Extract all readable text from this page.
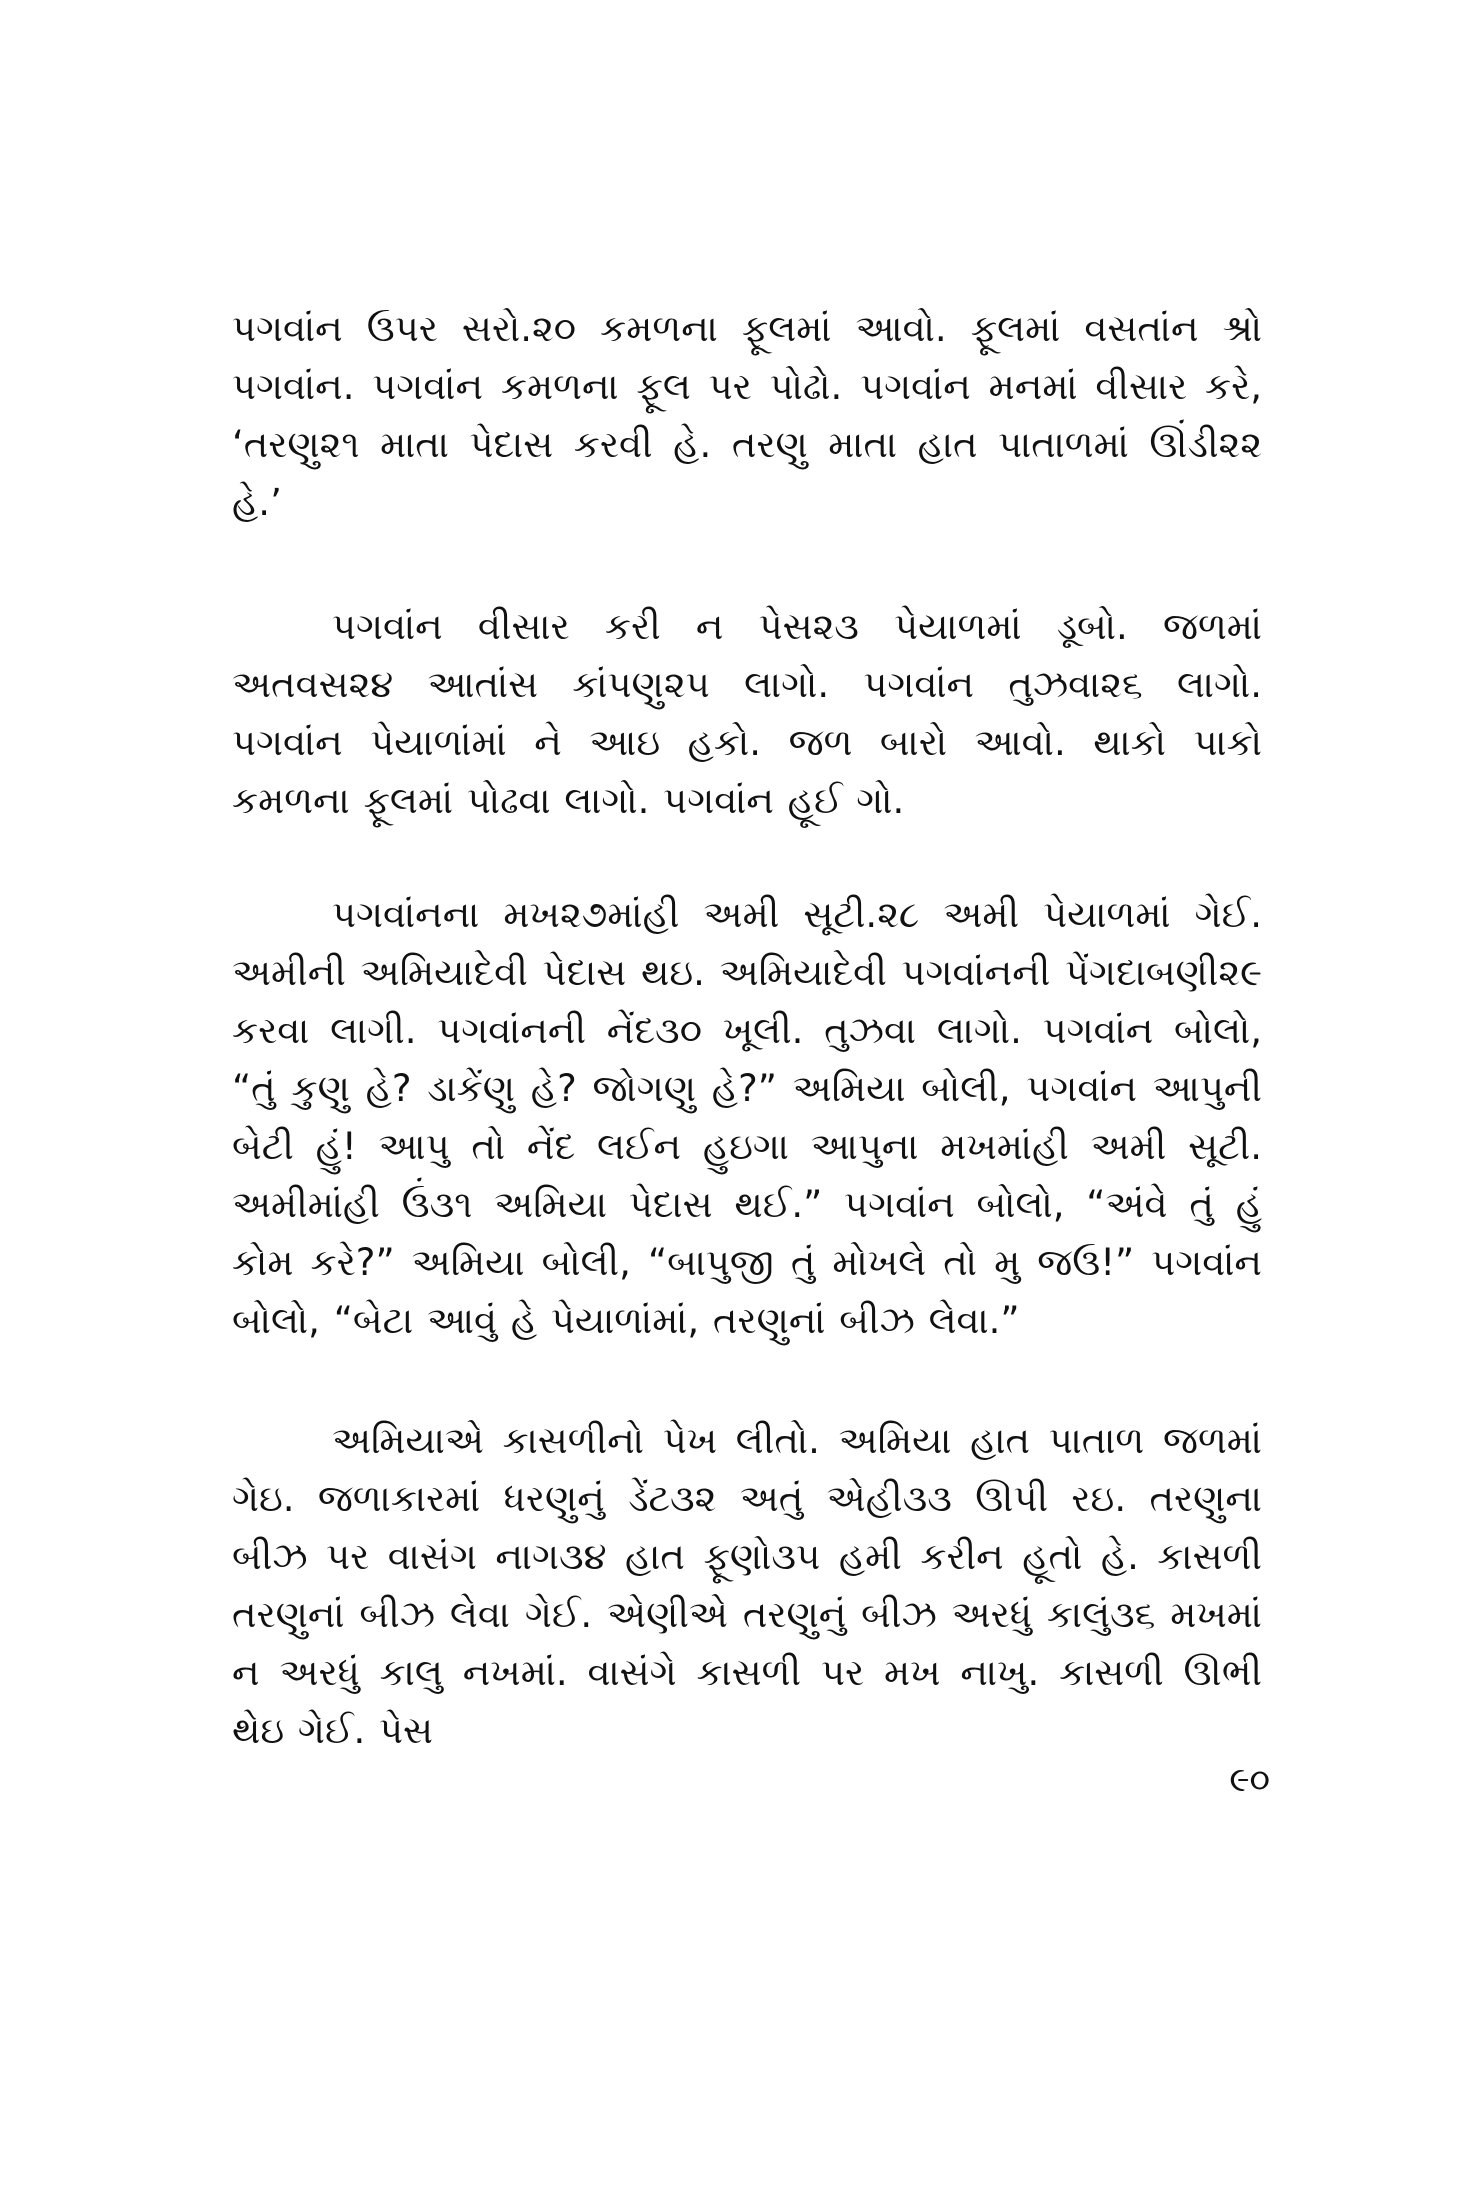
પગવાંન ઉપર સરો.૨૦ કમળના ફૂલમાં આવો. ફૂલમાં વસતાંન શ્રો પગવાંન. પગવાંન કમળના ફૂલ પર પોઢો. પગવાંન મનમાં વીસાર કરે, ‘તરણુ૨૧ માતા પેદાસ કરવી હે. તરણુ માતા હાત પાતાળમાં ઊંડી૨૨ હે.’

પગવાંન વીસાર કરી ન પેસ૨૩ પેયાળમાં ડૂબો. જળમાં અતવસ૨૪ આતાંસ કાંપણુ૨૫ લાગો. પગવાંન તુઝવા૨૬ લાગો. પગવાંન પેયાળાંમાં ને આઇ હકો. જળ બારો આવો. થાકો પાકો કમળના ફૂલમાં પોઢવા લાગો. પગવાંન હૂઈ ગો.

પગવાંનના મખ૨૭માંહી અમી સૂટી.૨૮ અમી પેયાળમાં ગેઈ. અમીની અમિયાદેવી પેદાસ થઇ. અમિયાદેવી પગવાંનની પેંગદાબણી૨૯ કરવા લાગી. પગવાંનની નેંદ૩૦ ખૂલી. તુઝવા લાગો. પગવાંન બોલો, “તું કુણુ હે? ડાકેંણુ હે? જોગણુ હે?” અમિયા બોલી, પગવાંન આપુની બેટી હું! આપુ તો નેંદ લઈન હુઇગા આપુના મખમાંહી અમી સૂટી. અમીમાંહી ઉં૩૧ અમિયા પેદાસ થઈ.” પગવાંન બોલો, “અંવે તું હું કોમ કરે?” અમિયા બોલી, “બાપુજી તું મોખલે તો મુ જઉ!” પગવાંન બોલો, “બેટા આવું હે પેયાળાંમાં, તરણુનાં બીઝ લેવા.”

અમિયાએ કાસળીનો પેખ લીતો. અમિયા હાત પાતાળ જળમાં ગેઇ. જળાકારમાં ધરણુનું ડેંટ૩૨ અતું એહી૩૩ ઊપી રઇ. તરણુના બીઝ પર વાસંગ નાગ૩૪ હાત ફૂણો૩૫ હમી કરીન હૂતો હે. કાસળી તરણુનાં બીઝ લેવા ગેઈ. એણીએ તરણુનું બીઝ અરધું કાલું૩૬ મખમાં ન અરધું કાલુ નખમાં. વાસંગે કાસળી પર મખ નાખુ. કાસળી ઊભી થેઇ ગેઈ. પેસ

૯૦
